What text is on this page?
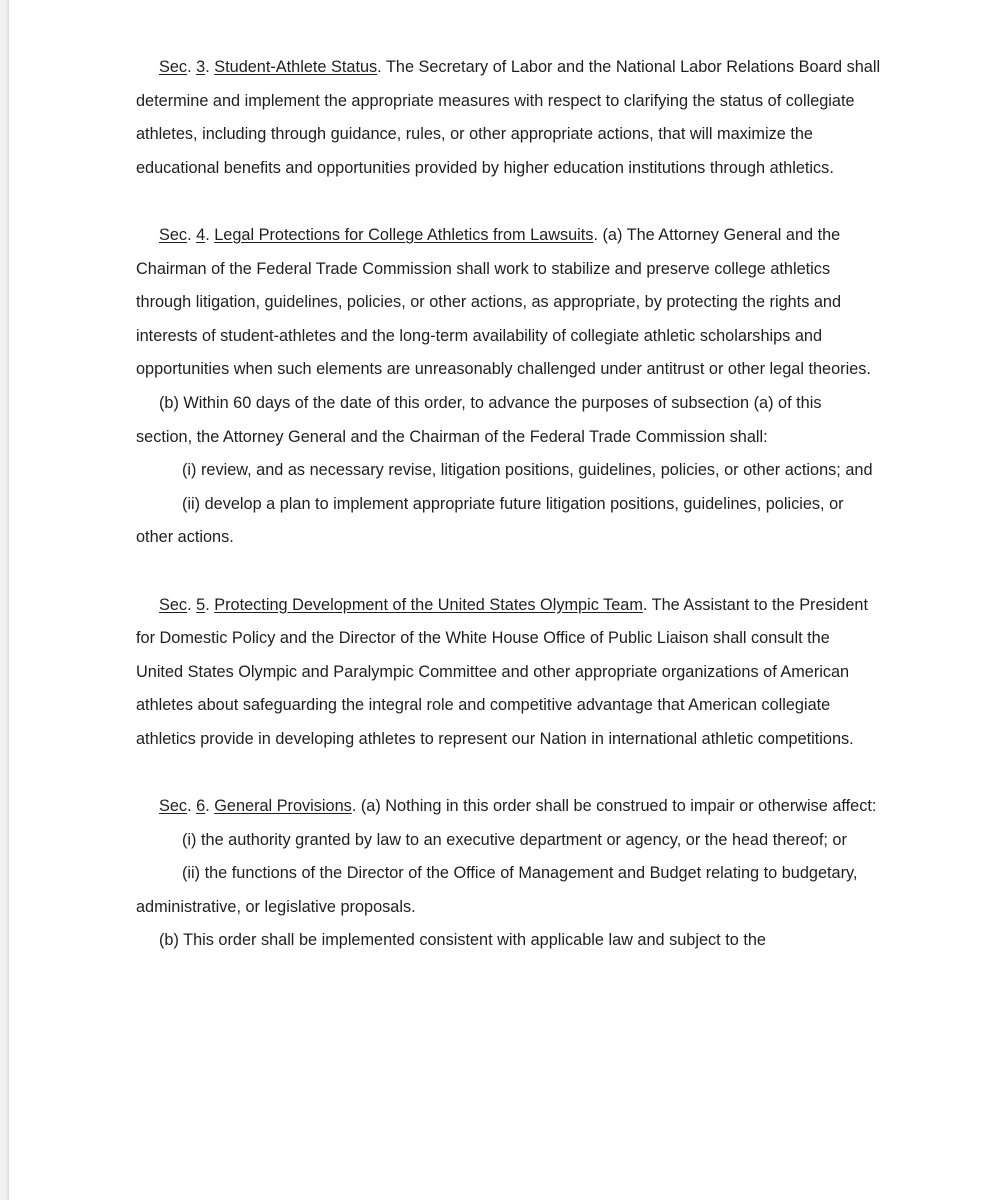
Sec. 3. Student-Athlete Status. The Secretary of Labor and the National Labor Relations Board shall determine and implement the appropriate measures with respect to clarifying the status of collegiate athletes, including through guidance, rules, or other appropriate actions, that will maximize the educational benefits and opportunities provided by higher education institutions through athletics.

Sec. 4. Legal Protections for College Athletics from Lawsuits. (a) The Attorney General and the Chairman of the Federal Trade Commission shall work to stabilize and preserve college athletics through litigation, guidelines, policies, or other actions, as appropriate, by protecting the rights and interests of student-athletes and the long-term availability of collegiate athletic scholarships and opportunities when such elements are unreasonably challenged under antitrust or other legal theories.

(b) Within 60 days of the date of this order, to advance the purposes of subsection (a) of this section, the Attorney General and the Chairman of the Federal Trade Commission shall:

(i) review, and as necessary revise, litigation positions, guidelines, policies, or other actions; and

(ii) develop a plan to implement appropriate future litigation positions, guidelines, policies, or other actions.

Sec. 5. Protecting Development of the United States Olympic Team. The Assistant to the President for Domestic Policy and the Director of the White House Office of Public Liaison shall consult the United States Olympic and Paralympic Committee and other appropriate organizations of American athletes about safeguarding the integral role and competitive advantage that American collegiate athletics provide in developing athletes to represent our Nation in international athletic competitions.

Sec. 6. General Provisions. (a) Nothing in this order shall be construed to impair or otherwise affect:

(i) the authority granted by law to an executive department or agency, or the head thereof; or

(ii) the functions of the Director of the Office of Management and Budget relating to budgetary, administrative, or legislative proposals.

(b) This order shall be implemented consistent with applicable law and subject to the
